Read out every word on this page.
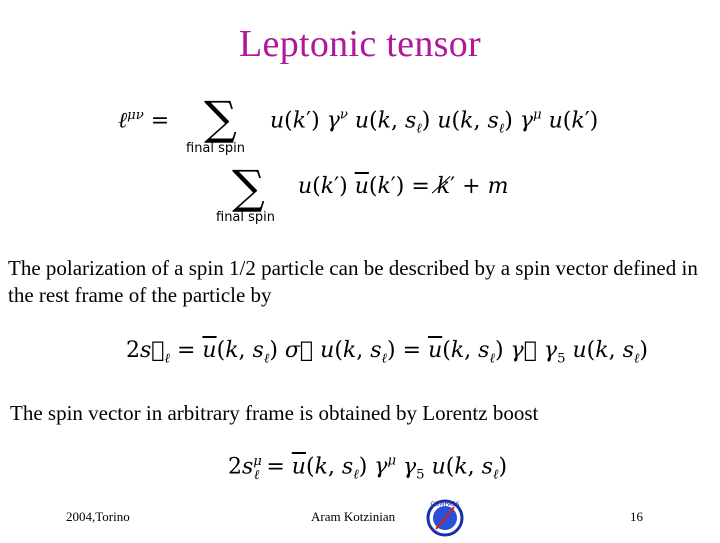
Leptonic tensor
ℓ$^{\mu\nu}$ = ∑
final spin
u(k′) $\gamma^\nu$ u(k, $s_\ell$) u(k, $s_\ell$) $\gamma^\mu$ u(k′)
∑
final spin
u(k′) $\overline{u}(k')$ = k̸′ + m
The polarization of a spin 1/2 particle can be described by a spin vector defined in the rest frame of the particle by
$2s⃗_\ell = \overline{u}(k$, $s_\ell$) σ⃗ u(k, $s_\ell) = \overline{u}(k$, $s_\ell$) γ⃗ $\gamma_5$ u(k, $s_\ell$)
The spin vector in arbitrary frame is obtained by Lorentz boost
$2s^\mu_\ell = \overline{u}(k$, $s_\ell$) $\gamma^\mu$ $\gamma_5$ u(k, $s_\ell$)
2004,Torino	Aram Kotzinian
COMPASS
16
